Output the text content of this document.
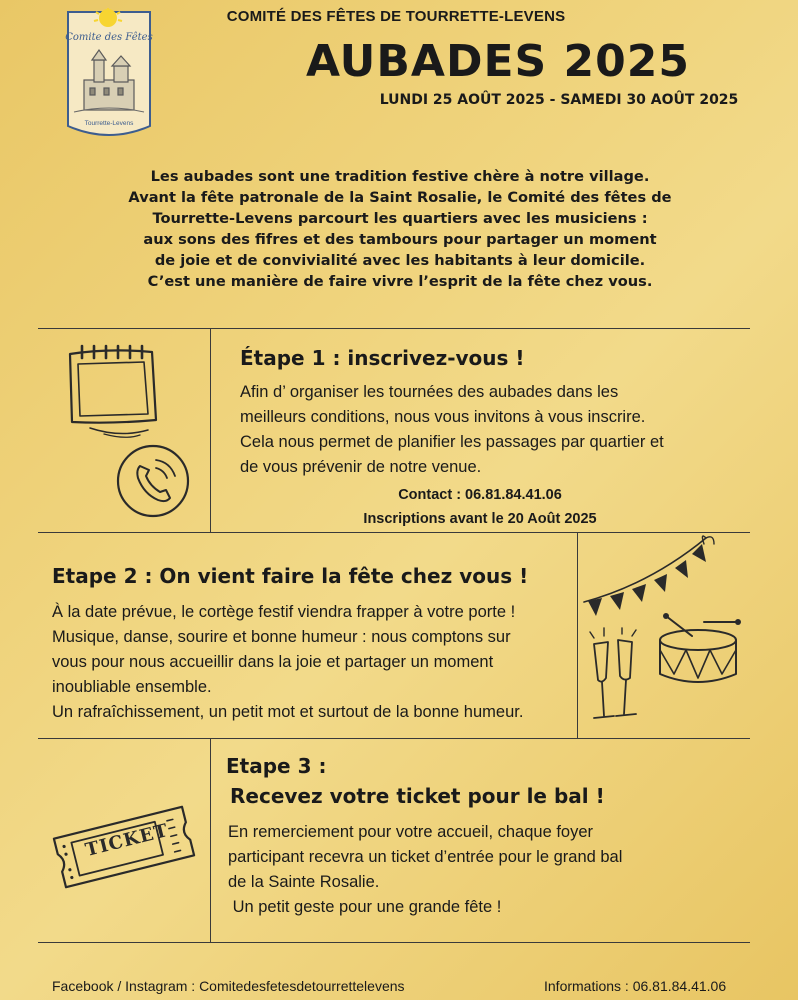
Comite des Fêtes
Tourrette-Levens
COMITÉ DES FÊTES DE TOURRETTE-LEVENS
AUBADES 2025
LUNDI 25 AOÛT 2025 - SAMEDI 30 AOÛT 2025
Les aubades sont une tradition festive chère à notre village.
Avant la fête patronale de la Saint Rosalie, le Comité des fêtes de
Tourrette-Levens parcourt les quartiers avec les musiciens :
aux sons des fifres et des tambours pour partager un moment
de joie et de convivialité avec les habitants à leur domicile.
C’est une manière de faire vivre l’esprit de la fête chez vous.
Étape 1 : inscrivez-vous !
Afin d’ organiser les tournées des aubades dans les
meilleurs conditions, nous vous invitons à vous inscrire.
Cela nous permet de planifier les passages par quartier et
de vous prévenir de notre venue.
Contact : 06.81.84.41.06
Inscriptions avant le 20 Août 2025
Etape 2 : On vient faire la fête chez vous !
À la date prévue, le cortège festif viendra frapper à votre porte !
Musique, danse, sourire et bonne humeur : nous comptons sur
vous pour nous accueillir dans la joie et partager un moment
inoubliable ensemble.
Un rafraîchissement, un petit mot et surtout de la bonne humeur.
Etape 3 :
Recevez votre ticket pour le bal !
En remerciement pour votre accueil, chaque foyer
participant recevra un ticket d’entrée pour le grand bal
de la Sainte Rosalie.
Un petit geste pour une grande fête !
TICKET
Facebook / Instagram : Comitedesfetesdetourrettelevens	Informations : 06.81.84.41.06
